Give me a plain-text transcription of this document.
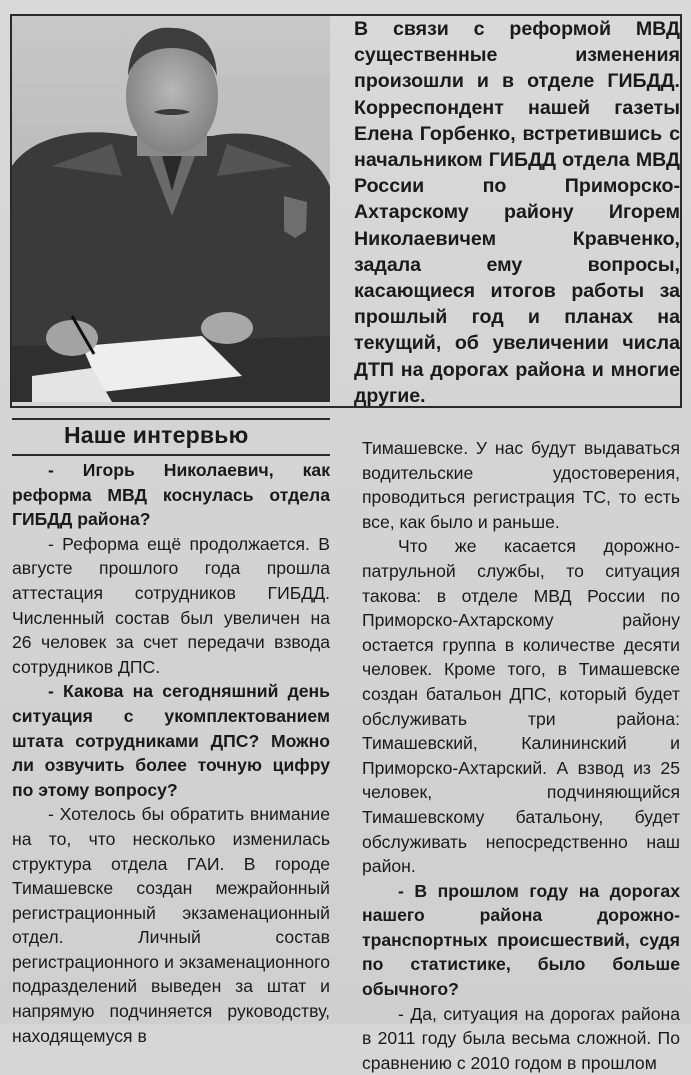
В связи с реформой МВД существенные изменения произошли и в отделе ГИБДД. Корреспондент нашей газеты Елена Горбенко, встретившись с начальником ГИБДД отдела МВД России по Приморско-Ахтарскому району Игорем Николаевичем Кравченко, задала ему вопросы, касающиеся итогов работы за прошлый год и планах на текущий, об увеличении числа ДТП на дорогах района и многие другие.

Наше интервью

- Игорь Николаевич, как реформа МВД коснулась отдела ГИБДД района?

- Реформа ещё продолжается. В августе прошлого года прошла аттестация сотрудников ГИБДД. Численный состав был увеличен на 26 человек за счет передачи взвода сотрудников ДПС.

- Какова на сегодняшний день ситуация с укомплектованием штата сотрудниками ДПС? Можно ли озвучить более точную цифру по этому вопросу?

- Хотелось бы обратить внимание на то, что несколько изменилась структура отдела ГАИ. В городе Тимашевске создан межрайонный регистрационный экзаменационный отдел. Личный состав регистрационного и экзаменационного подразделений выведен за штат и напрямую подчиняется руководству, находящемуся в

Тимашевске. У нас будут выдаваться водительские удостоверения, проводиться регистрация ТС, то есть все, как было и раньше.

Что же касается дорожно-патрульной службы, то ситуация такова: в отделе МВД России по Приморско-Ахтарскому району остается группа в количестве десяти человек. Кроме того, в Тимашевске создан батальон ДПС, который будет обслуживать три района: Тимашевский, Калининский и Приморско-Ахтарский. А взвод из 25 человек, подчиняющийся Тимашевскому батальону, будет обслуживать непосредственно наш район.

- В прошлом году на дорогах нашего района дорожно-транспортных происшествий, судя по статистике, было больше обычного?

- Да, ситуация на дорогах района в 2011 году была весьма сложной. По сравнению с 2010 годом в прошлом
